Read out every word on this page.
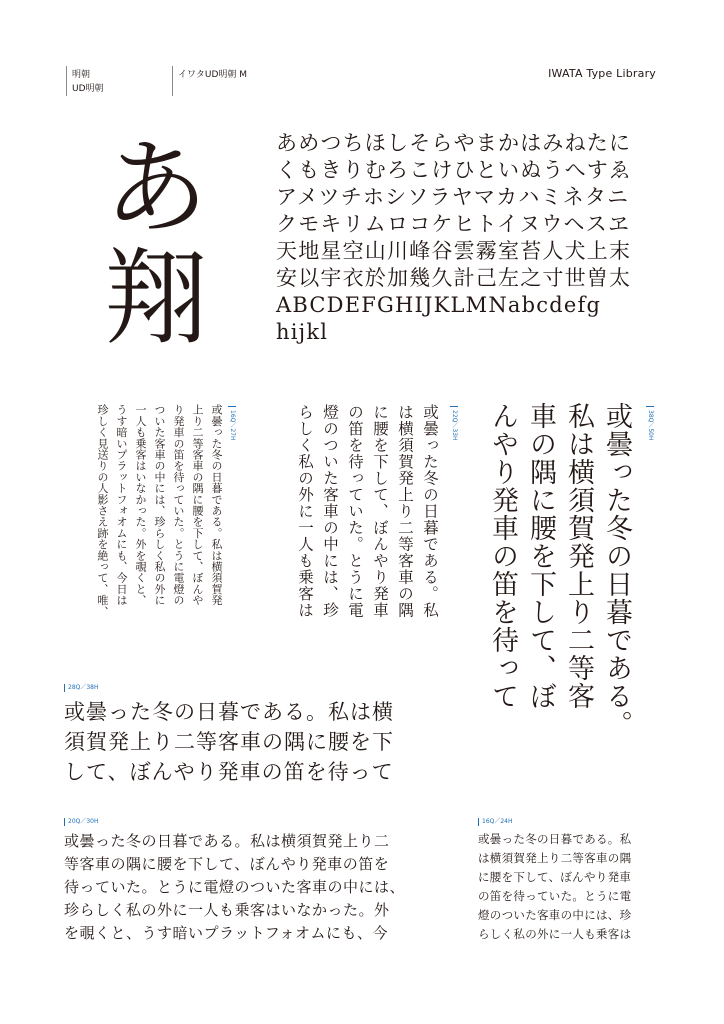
明朝
UD明朝
イワタUD明朝 M	IWATA Type Library
あ
翔
あめつちほしそらやまかはみねたに
くもきりむろこけひといぬうへすゑ
アメツチホシソラヤマカハミネタニ
クモキリムロコケヒトイヌウヘスヱ
天地星空山川峰谷雲霧室苔人犬上末
安以宇衣於加幾久計己左之寸世曽太
ABCDEFGHIJKLMNabcdefg
hijkl
16Q／27H
或曇った冬の日暮である。私は横須賀発
上り二等客車の隅に腰を下して、ぼんや
り発車の笛を待っていた。とうに電燈の
ついた客車の中には、珍らしく私の外に
一人も乗客はいなかった。外を覗くと、
うす暗いプラットフォオムにも、今日は
珍しく見送りの人影さえ跡を絶って、唯、	22Q／33H
或曇った冬の日暮である。私
は横須賀発上り二等客車の隅
に腰を下して、ぼんやり発車
の笛を待っていた。とうに電
燈のついた客車の中には、珍
らしく私の外に一人も乗客は	38Q／50H
或曇った冬の日暮である。
私は横須賀発上り二等客
車の隅に腰を下して、ぼ
んやり発車の笛を待って
28Q／38H
或曇った冬の日暮である。私は横
須賀発上り二等客車の隅に腰を下
して、ぼんやり発車の笛を待って
20Q／30H
或曇った冬の日暮である。私は横須賀発上り二
等客車の隅に腰を下して、ぼんやり発車の笛を
待っていた。とうに電燈のついた客車の中には、
珍らしく私の外に一人も乗客はいなかった。外
を覗くと、うす暗いプラットフォオムにも、今
16Q／24H
或曇った冬の日暮である。私
は横須賀発上り二等客車の隅
に腰を下して、ぼんやり発車
の笛を待っていた。とうに電
燈のついた客車の中には、珍
らしく私の外に一人も乗客は
